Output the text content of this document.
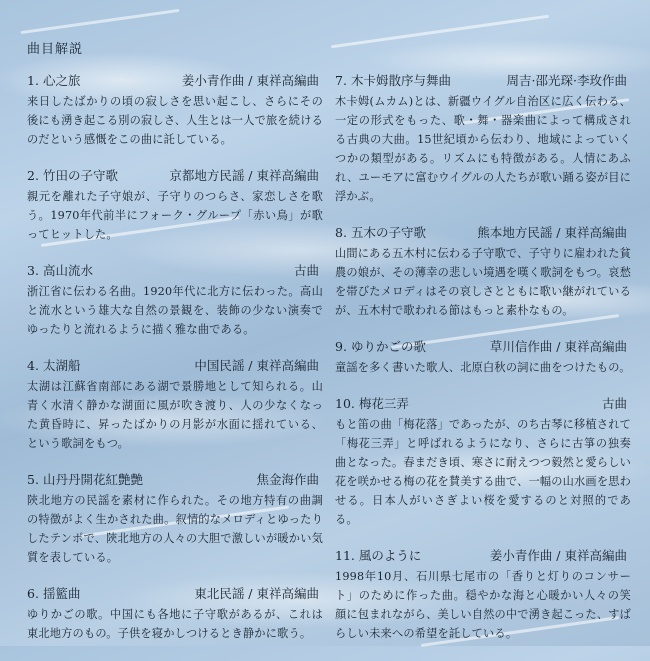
曲目解説
1. 心之旅	姜小青作曲 / 東祥高編曲
来日したばかりの頃の寂しさを思い起こし、さらにその後にも湧き起こる別の寂しさ、人生とは一人で旅を続けるのだという感慨をこの曲に託している。
2. 竹田の子守歌	京都地方民謡 / 東祥高編曲
親元を離れた子守娘が、子守りのつらさ、家恋しさを歌う。1970年代前半にフォーク・グループ「赤い鳥」が歌ってヒットした。
3. 高山流水	古曲
浙江省に伝わる名曲。1920年代に北方に伝わった。高山と流水という雄大な自然の景観を、装飾の少ない演奏でゆったりと流れるように描く雅な曲である。
4. 太湖船	中国民謡 / 東祥高編曲
太湖は江蘇省南部にある湖で景勝地として知られる。山青く水清く静かな湖面に風が吹き渡り、人の少なくなった黄昏時に、昇ったばかりの月影が水面に揺れている、という歌詞をもつ。
5. 山丹丹開花紅艶艶	焦金海作曲
陝北地方の民謡を素材に作られた。その地方特有の曲調の特徴がよく生かされた曲。叙情的なメロディとゆったりしたテンポで、陝北地方の人々の大胆で激しいが暖かい気質を表している。
6. 揺籃曲	東北民謡 / 東祥高編曲
ゆりかごの歌。中国にも各地に子守歌があるが、これは東北地方のもの。子供を寝かしつけるとき静かに歌う。
7. 木卡姆散序与舞曲	周吉·邵光琛·李玫作曲
木卡姆(ムカム)とは、新疆ウイグル自治区に広く伝わる、一定の形式をもった、歌・舞・器楽曲によって構成される古典の大曲。15世紀頃から伝わり、地域によっていくつかの類型がある。リズムにも特徴がある。人情にあふれ、ユーモアに富むウイグルの人たちが歌い踊る姿が目に浮かぶ。
8. 五木の子守歌	熊本地方民謡 / 東祥高編曲
山間にある五木村に伝わる子守歌で、子守りに雇われた貧農の娘が、その薄幸の悲しい境遇を嘆く歌詞をもつ。哀愁を帯びたメロディはその哀しさとともに歌い継がれているが、五木村で歌われる節はもっと素朴なもの。
9. ゆりかごの歌	草川信作曲 / 東祥高編曲
童謡を多く書いた歌人、北原白秋の詞に曲をつけたもの。
10. 梅花三弄	古曲
もと笛の曲「梅花落」であったが、のち古琴に移植されて「梅花三弄」と呼ばれるようになり、さらに古箏の独奏曲となった。春まだき頃、寒さに耐えつつ毅然と愛らしい花を咲かせる梅の花を賛美する曲で、一幅の山水画を思わせる。日本人がいさぎよい桜を愛するのと対照的である。
11. 風のように	姜小青作曲 / 東祥高編曲
1998年10月、石川県七尾市の「香りと灯りのコンサート」のために作った曲。穏やかな海と心暖かい人々の笑顔に包まれながら、美しい自然の中で湧き起こった、すばらしい未来への希望を託している。
